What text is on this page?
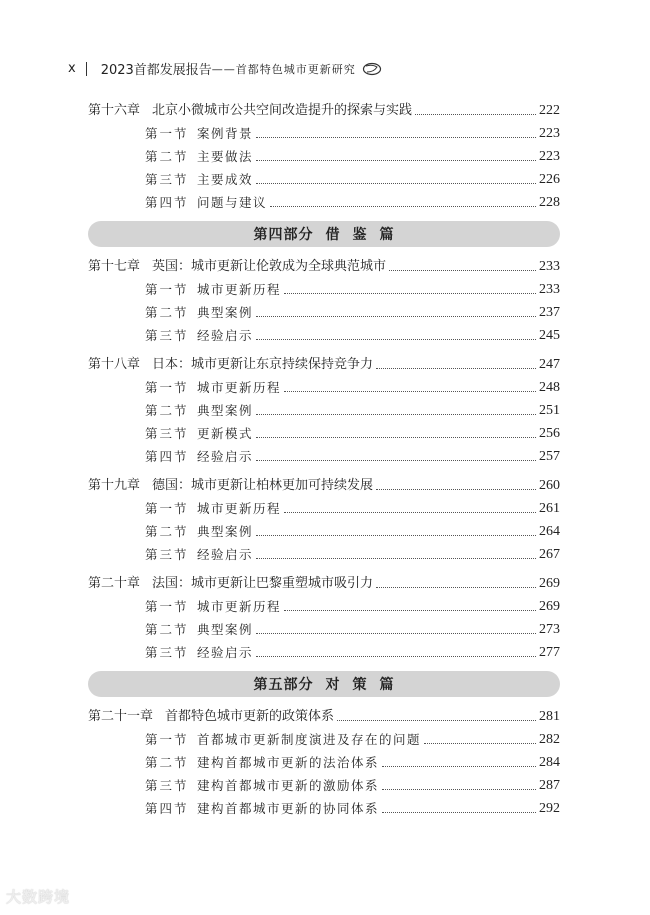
x 2023首都发展报告 ——首都特色城市更新研究
第十六章 北京小微城市公共空间改造提升的探索与实践	222
第一节 案例背景	223
第二节 主要做法	223
第三节 主要成效	226
第四节 问题与建议	228
第四部分 借 鉴 篇
第十七章 英国：城市更新让伦敦成为全球典范城市	233
第一节 城市更新历程	233
第二节 典型案例	237
第三节 经验启示	245
第十八章 日本：城市更新让东京持续保持竞争力	247
第一节 城市更新历程	248
第二节 典型案例	251
第三节 更新模式	256
第四节 经验启示	257
第十九章 德国：城市更新让柏林更加可持续发展	260
第一节 城市更新历程	261
第二节 典型案例	264
第三节 经验启示	267
第二十章 法国：城市更新让巴黎重塑城市吸引力	269
第一节 城市更新历程	269
第二节 典型案例	273
第三节 经验启示	277
第五部分 对 策 篇
第二十一章 首都特色城市更新的政策体系	281
第一节 首都城市更新制度演进及存在的问题	282
第二节 建构首都城市更新的法治体系	284
第三节 建构首都城市更新的激励体系	287
第四节 建构首都城市更新的协同体系	292
大数跨境
